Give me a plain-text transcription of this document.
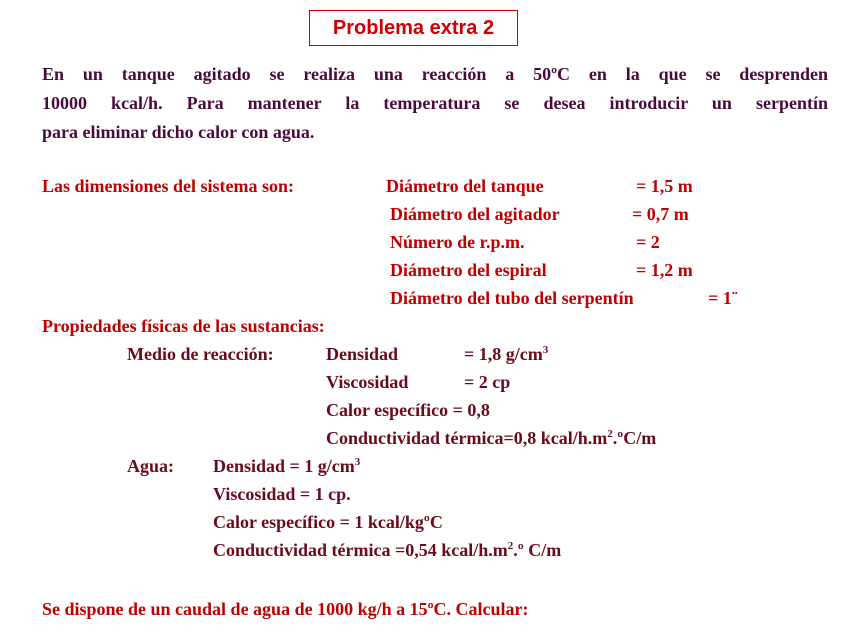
Problema extra 2
En un tanque agitado se realiza una reacción a 50ºC en la que se desprenden
10000 kcal/h. Para mantener la temperatura se desea introducir un serpentín
para eliminar dicho calor con agua.
Las dimensiones del sistema son:	Diámetro del tanque	= 1,5 m
Diámetro del agitador	= 0,7 m
Número de r.p.m.	= 2
Diámetro del espiral	= 1,2 m
Diámetro del tubo del serpentín	= 1¨
Propiedades físicas de las sustancias:
Medio de reacción:	Densidad	= 1,8 $g/cm^3$
Viscosidad	= 2 cp
Calor específico = 0,8
Conductividad térmica=0,8 kcal/$h.m^2.ºC/m$
Agua: Densidad = 1 $g/cm^3$
Viscosidad = 1 cp.
Calor específico = 1 kcal/kgºC
Conductividad térmica =0,54 kcal/$h.m^2.º$ C/m
Se dispone de un caudal de agua de 1000 kg/h a 15ºC. Calcular:
